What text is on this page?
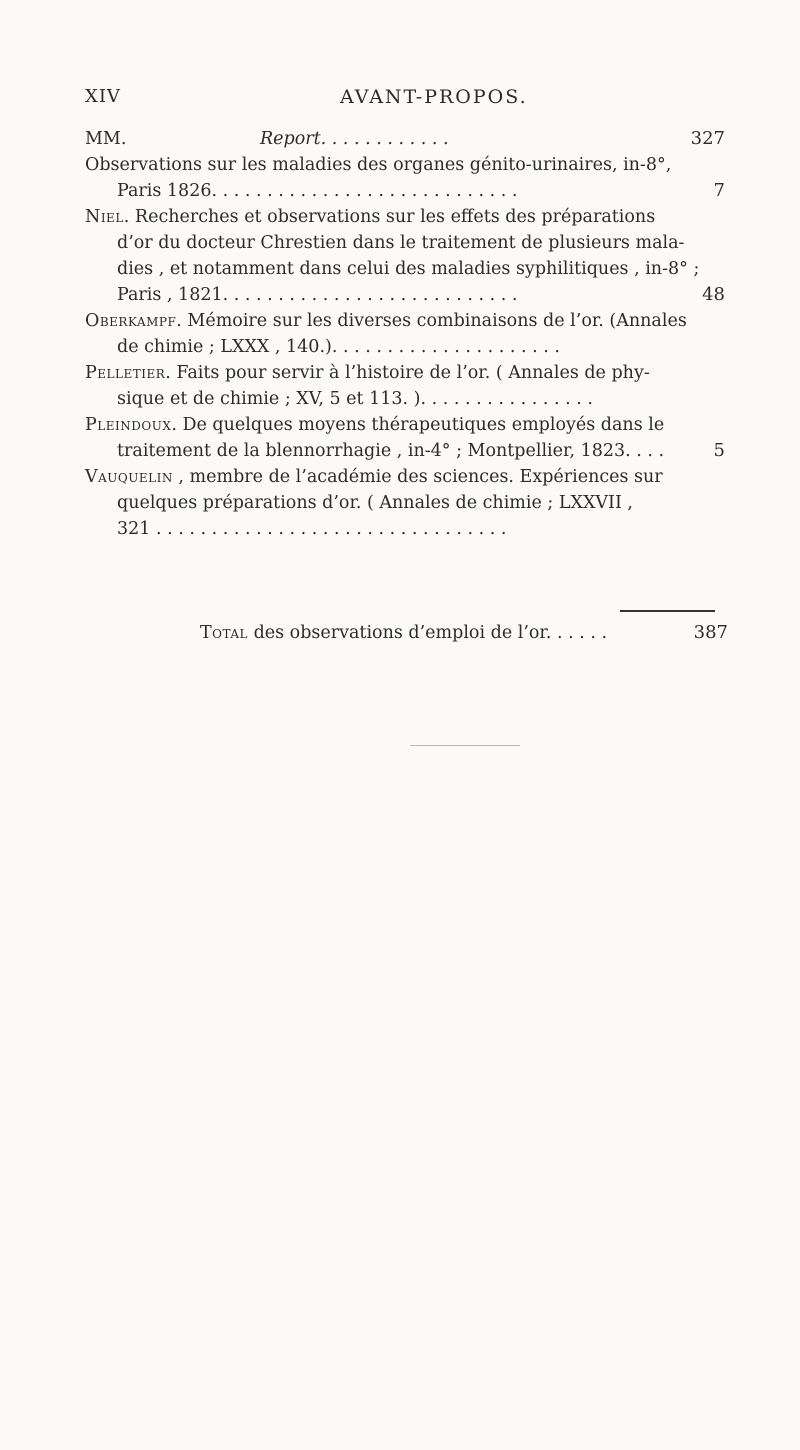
XIV	AVANT-PROPOS.
MM.	Report. . . . . . . . . . . .	327
Observations sur les maladies des organes génito-urinaires, in-8°,
Paris 1826. . . . . . . . . . . . . . . . . . . . . . . . . . . .	7
Niel. Recherches et observations sur les effets des préparations
d’or du docteur Chrestien dans le traitement de plusieurs mala-
dies , et notamment dans celui des maladies syphilitiques , in-8° ;
Paris , 1821. . . . . . . . . . . . . . . . . . . . . . . . . . .	48
Oberkampf. Mémoire sur les diverses combinaisons de l’or. (Annales
de chimie ; LXXX , 140.). . . . . . . . . . . . . . . . . . . . .
Pelletier. Faits pour servir à l’histoire de l’or. ( Annales de phy-
sique et de chimie ; XV, 5 et 113. ). . . . . . . . . . . . . . . .
Pleindoux. De quelques moyens thérapeutiques employés dans le
traitement de la blennorrhagie , in-4° ; Montpellier, 1823. . . .	5
Vauquelin , membre de l’académie des sciences. Expériences sur
quelques préparations d’or. ( Annales de chimie ; LXXVII ,
321 . . . . . . . . . . . . . . . . . . . . . . . . . . . . . . . .
Total des observations d’emploi de l’or. . . . . .	387
